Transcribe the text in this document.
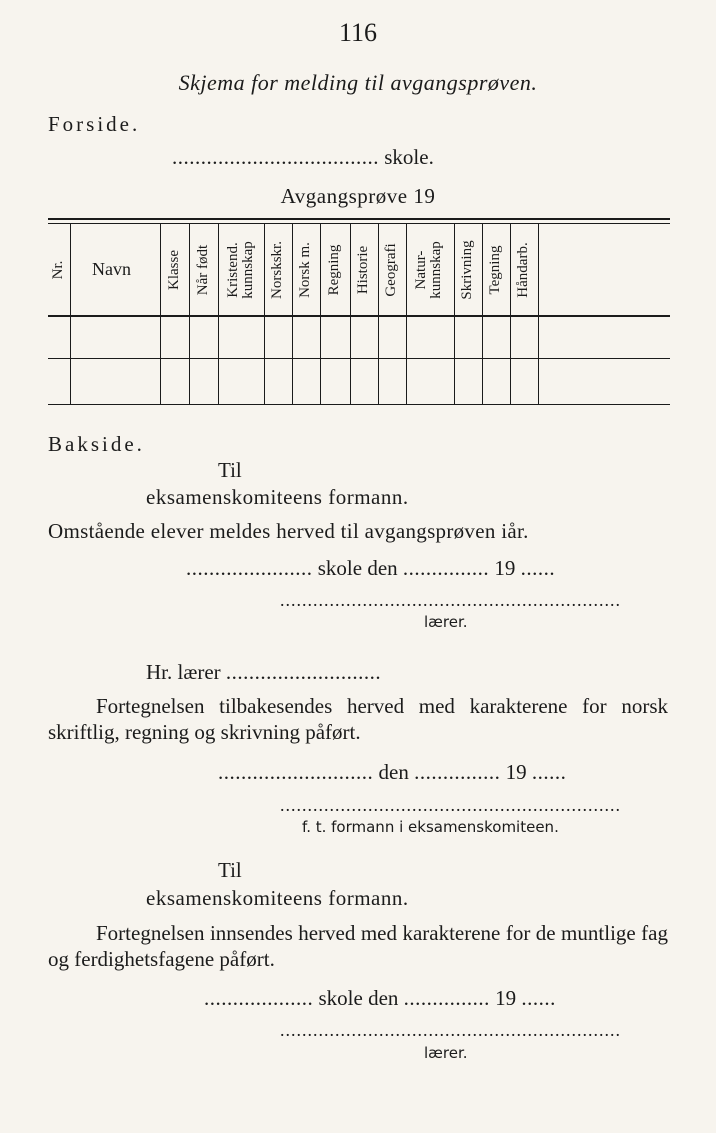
116
Skjema for melding til avgangsprøven.
Forside.
.................................... skole.
Avgangsprøve 19
Nr. Navn Klasse Når født Kristend. kunnskap Norskskr. Norsk m. Regning Historie Geografi Natur- kunnskap Skrivning Tegning Håndarb.
Bakside.
Til
eksamenskomiteens formann.
Omstående elever meldes herved til avgangsprøven iår.
...................... skole den ............... 19 ......
..............................................................
lærer.
Hr. lærer ...........................
Fortegnelsen tilbakesendes herved med karakterene for norsk skriftlig, regning og skrivning påført.
........................... den ............... 19 ......
..............................................................
f. t. formann i eksamenskomiteen.
Til
eksamenskomiteens formann.
Fortegnelsen innsendes herved med karakterene for de muntlige fag og ferdighetsfagene påført.
................... skole den ............... 19 ......
..............................................................
lærer.
